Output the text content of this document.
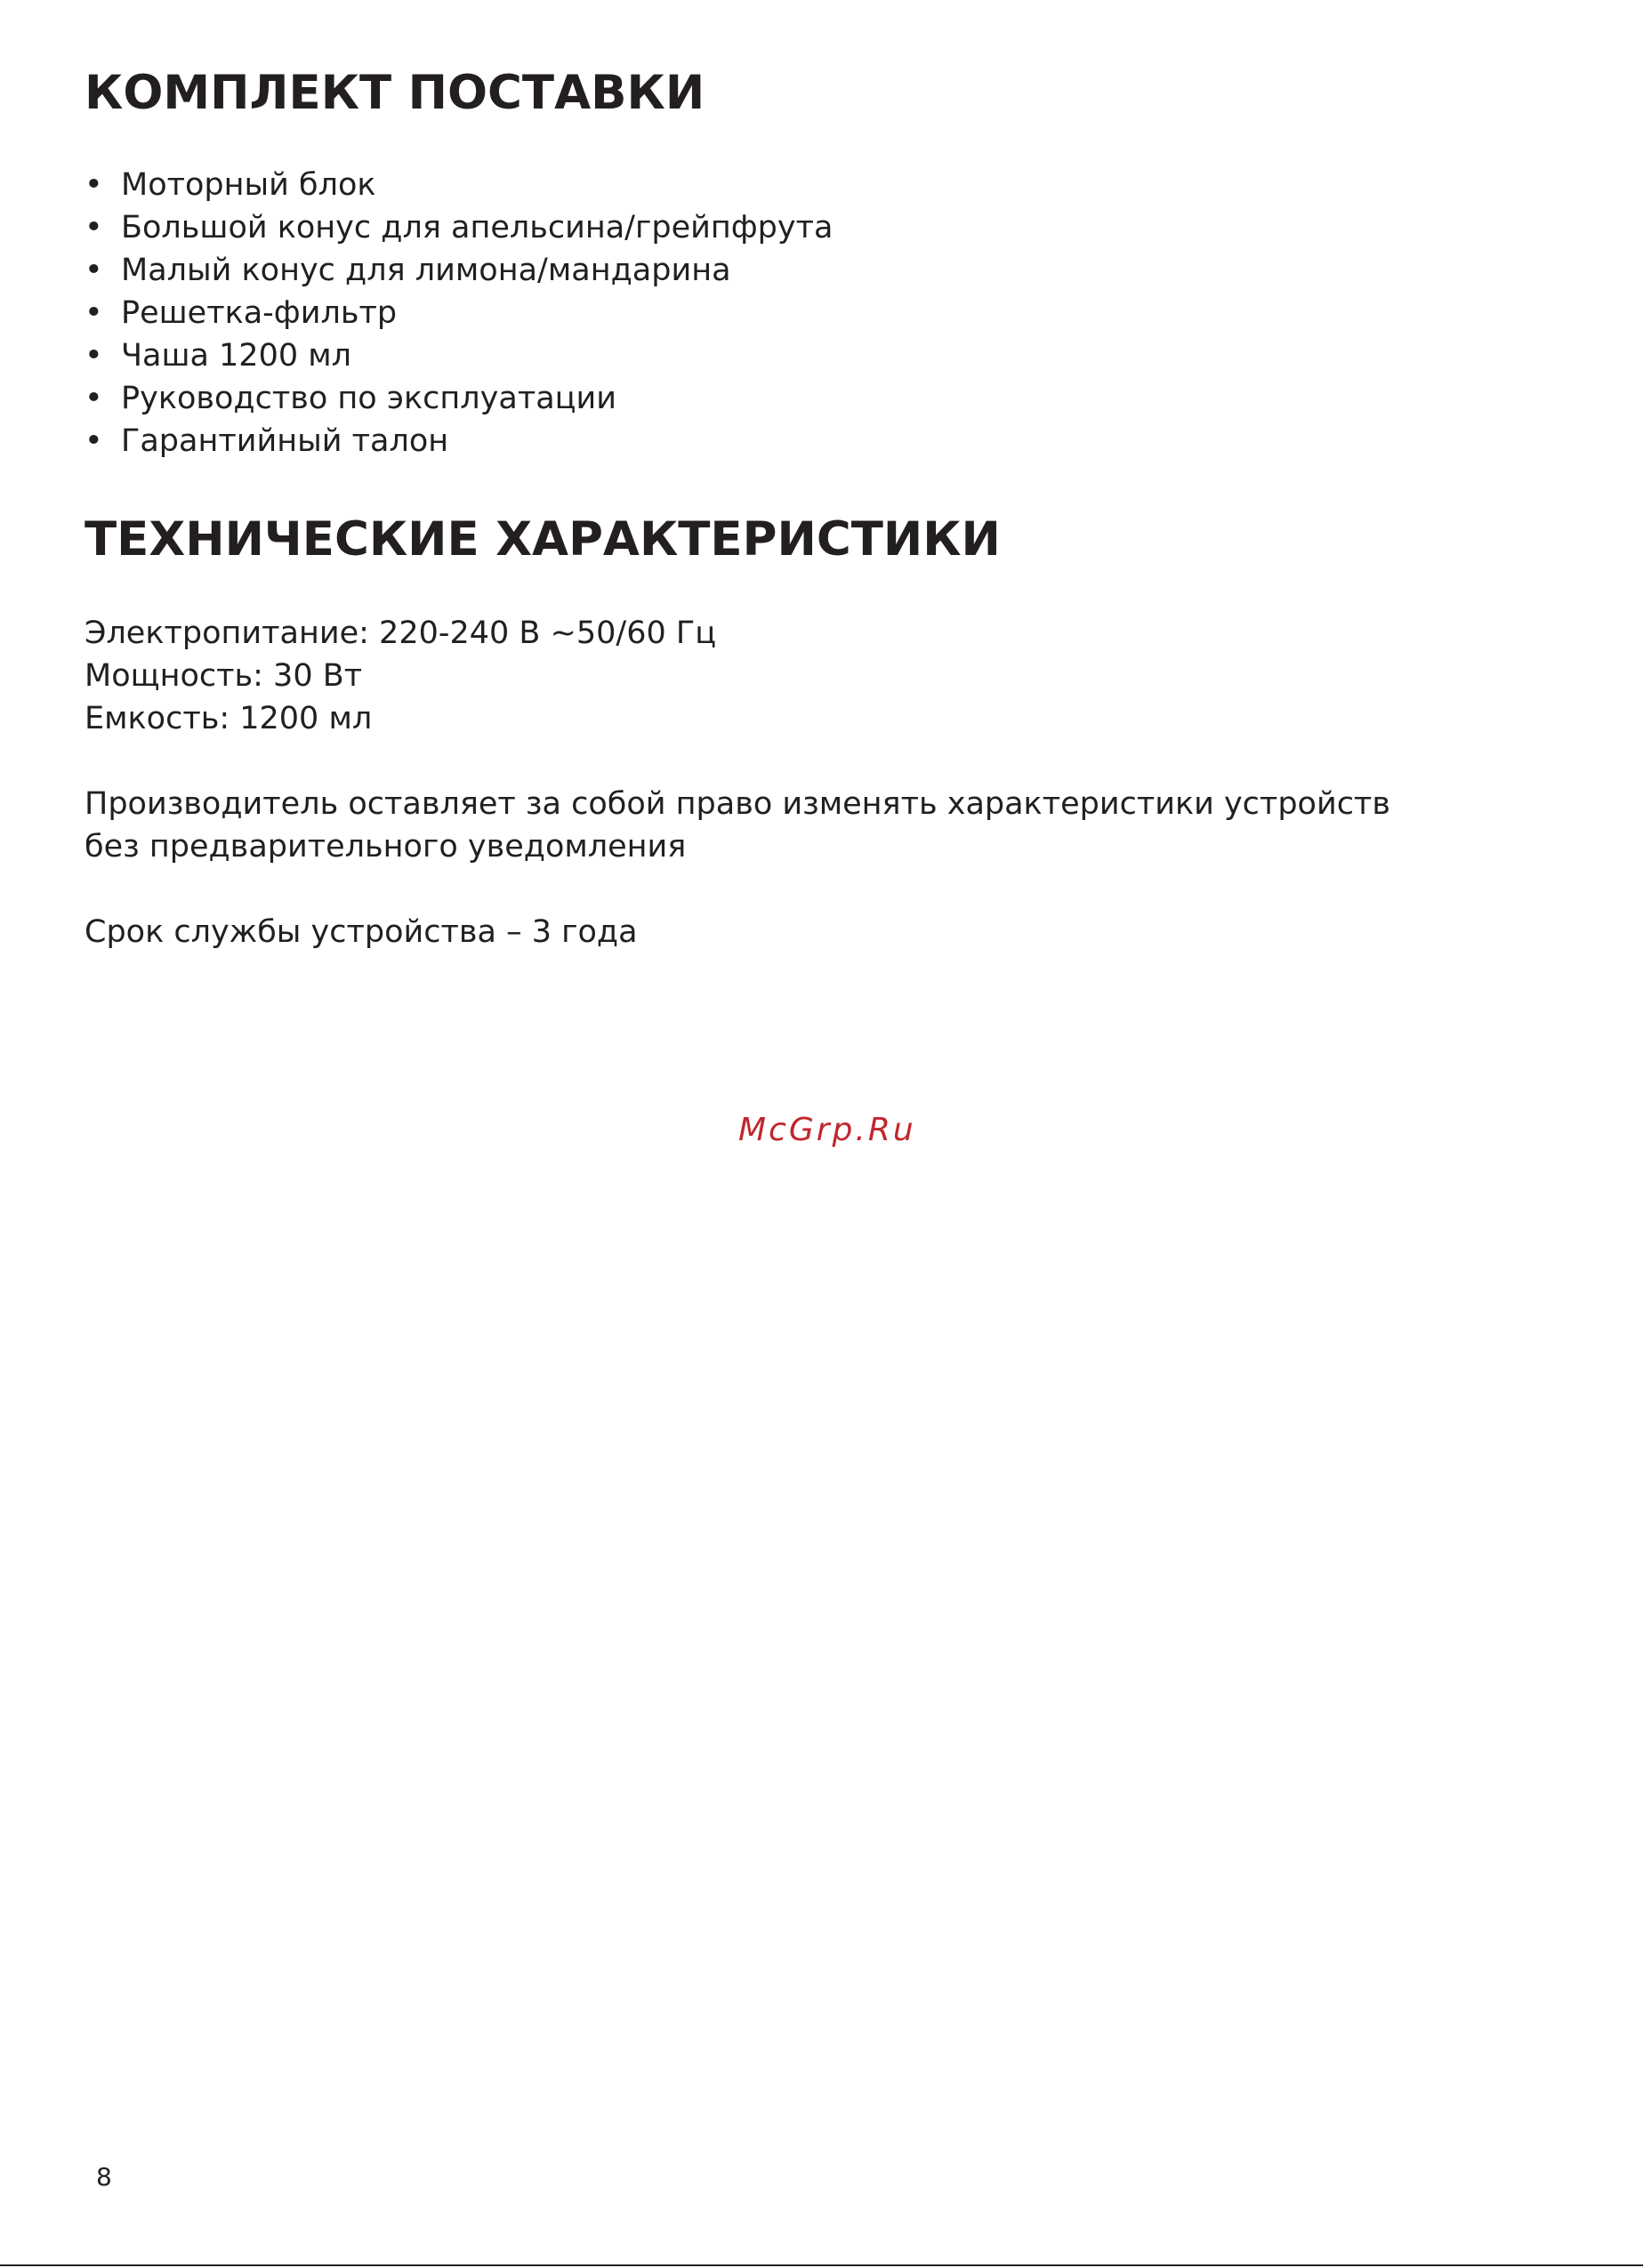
КОМПЛЕКТ ПОСТАВКИ
• Моторный блок
• Большой конус для апельсина/грейпфрута
• Малый конус для лимона/мандарина
• Решетка-фильтр
• Чаша 1200 мл
• Руководство по эксплуатации
• Гарантийный талон
ТЕХНИЧЕСКИЕ ХАРАКТЕРИСТИКИ
Электропитание: 220-240 В ~50/60 Гц
Мощность: 30 Вт
Емкость: 1200 мл
Производитель оставляет за собой право изменять характеристики устройств
без предварительного уведомления
Срок службы устройства – 3 года
McGrp.Ru
8
